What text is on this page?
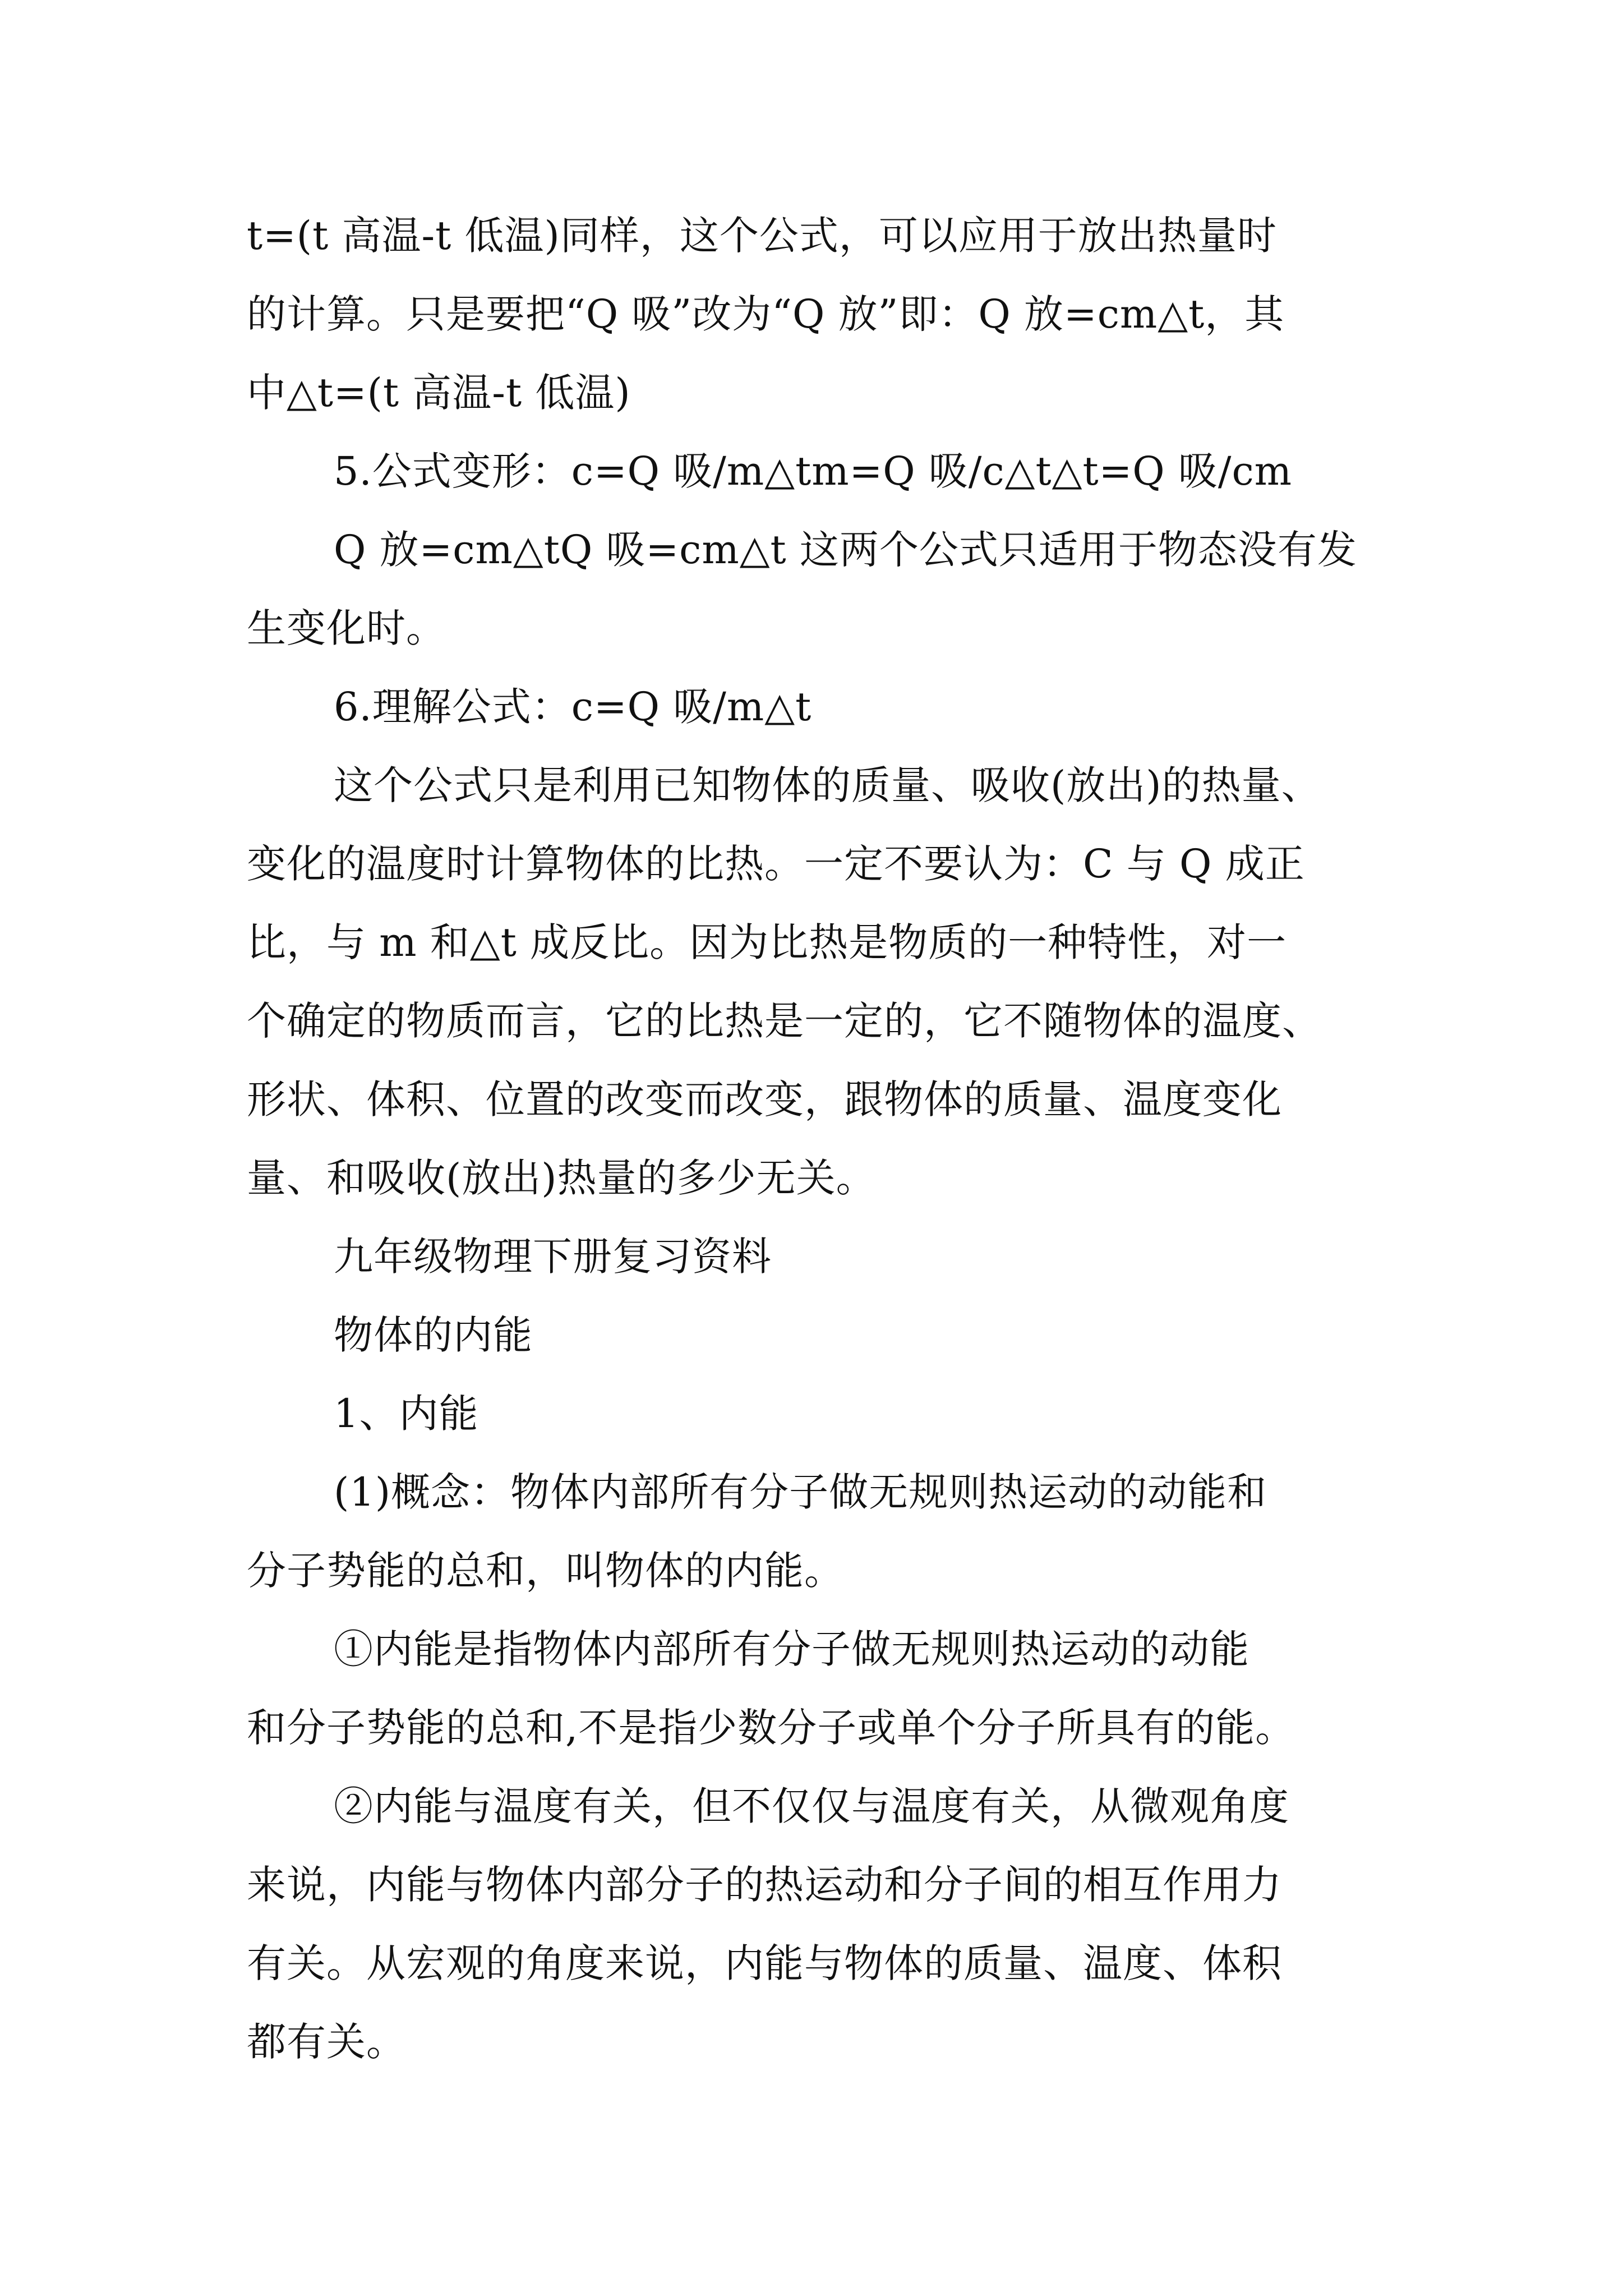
t=(t 高温-t 低温)同样，这个公式，可以应用于放出热量时
的计算。只是要把“Q 吸”改为“Q 放”即：Q 放=cm△t，其
中△t=(t 高温-t 低温)
5.公式变形：c=Q 吸/m△tm=Q 吸/c△t△t=Q 吸/cm
Q 放=cm△tQ 吸=cm△t 这两个公式只适用于物态没有发
生变化时。
6.理解公式：c=Q 吸/m△t
这个公式只是利用已知物体的质量、吸收(放出)的热量、
变化的温度时计算物体的比热。一定不要认为：C 与 Q 成正
比，与 m 和△t 成反比。因为比热是物质的一种特性，对一
个确定的物质而言，它的比热是一定的，它不随物体的温度、
形状、体积、位置的改变而改变，跟物体的质量、温度变化
量、和吸收(放出)热量的多少无关。
九年级物理下册复习资料
物体的内能
1、内能
(1)概念：物体内部所有分子做无规则热运动的动能和
分子势能的总和，叫物体的内能。
①内能是指物体内部所有分子做无规则热运动的动能
和分子势能的总和,不是指少数分子或单个分子所具有的能。
②内能与温度有关，但不仅仅与温度有关，从微观角度
来说，内能与物体内部分子的热运动和分子间的相互作用力
有关。从宏观的角度来说，内能与物体的质量、温度、体积
都有关。
